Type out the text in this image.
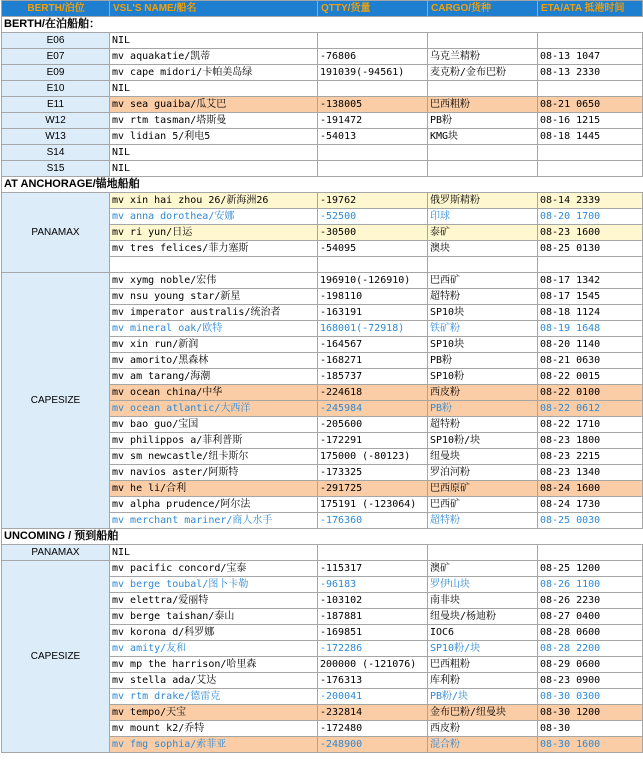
BERTH/泊位	VSL'S NAME/船名	QTTY/货量	CARGO/货种	ETA/ATA 抵港时间
BERTH/在泊船舶：				
E06	NIL			
E07	mv aquakatie/凯蒂	-76806	乌克兰精粉	08-13 1047
E09	mv cape midori/卡帕美岛绿	191039(-94561)	麦克粉/金布巴粉	08-13 2330
E10	NIL			
E11	mv sea guaiba/瓜艾巴	-138005	巴西粗粉	08-21 0650
W12	mv rtm tasman/塔斯曼	-191472	PB粉	08-16 1215
W13	mv lidian 5/利电5	-54013	KMG块	08-18 1445
S14	NIL			
S15	NIL			
AT ANCHORAGE/锚地船舶				
PANAMAX	mv xin hai zhou 26/新海洲26	-19762	俄罗斯精粉	08-14 2339
	mv anna dorothea/安娜	-52500	印球	08-20 1700
	mv ri yun/日运	-30500	泰矿	08-23 1600
	mv tres felices/菲力塞斯	-54095	澳块	08-25 0130

CAPESIZE	mv xymg noble/宏伟	196910(-126910)	巴西矿	08-17 1342
	mv nsu young star/新星	-198110	超特粉	08-17 1545
	mv imperator australis/统治者	-163191	SP10块	08-18 1124
	mv mineral oak/欧特	168001(-72918)	铁矿粉	08-19 1648
	mv xin run/新润	-164567	SP10块	08-20 1140
	mv amorito/黑森林	-168271	PB粉	08-21 0630
	mv am tarang/海潮	-185737	SP10粉	08-22 0015
	mv ocean china/中华	-224618	西皮粉	08-22 0100
	mv ocean atlantic/大西洋	-245984	PB粉	08-22 0612
	mv bao guo/宝国	-205600	超特粉	08-22 1710
	mv philippos a/菲利普斯	-172291	SP10粉/块	08-23 1800
	mv sm newcastle/纽卡斯尔	175000 (-80123)	纽曼块	08-23 2215
	mv navios aster/阿斯特	-173325	罗泊河粉	08-23 1340
	mv he li/合利	-291725	巴西原矿	08-24 1600
	mv alpha prudence/阿尔法	175191 (-123064)	巴西矿	08-24 1730
	mv merchant mariner/商人水手	-176360	超特粉	08-25 0030
UNCOMING / 预到船舶				
PANAMAX	NIL			
CAPESIZE	mv pacific concord/宝泰	-115317	澳矿	08-25 1200
	mv berge toubal/图卜卡勒	-96183	罗伊山块	08-26 1100
	mv elettra/爱丽特	-103102	南非块	08-26 2230
	mv berge taishan/泰山	-187881	纽曼块/杨迪粉	08-27 0400
	mv korona d/科罗娜	-169851	IOC6	08-28 0600
	mv amity/友和	-172286	SP10粉/块	08-28 2200
	mv mp the harrison/哈里森	200000 (-121076)	巴西粗粉	08-29 0600
	mv stella ada/艾达	-176313	库利粉	08-23 0900
	mv rtm drake/德雷克	-200041	PB粉/块	08-30 0300
	mv tempo/天宝	-232814	金布巴粉/纽曼块	08-30 1200
	mv mount k2/乔特	-172480	西皮粉	08-30
	mv fmg sophia/索菲亚	-248900	混合粉	08-30 1600
